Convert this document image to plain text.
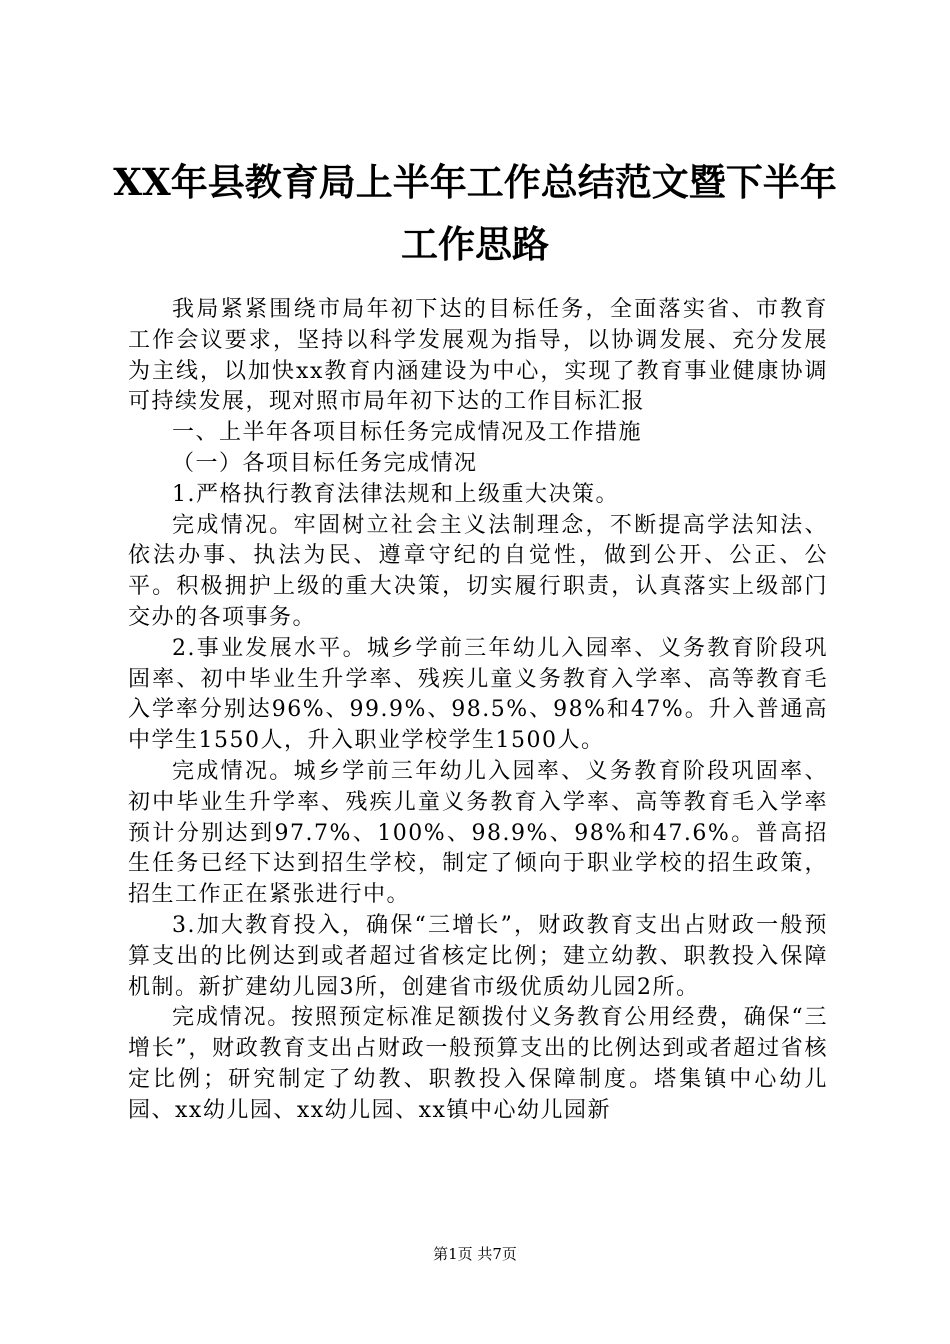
XX年县教育局上半年工作总结范文暨下半年
工作思路

我局紧紧围绕市局年初下达的目标任务，全面落实省、市教育工作会议要求，坚持以科学发展观为指导，以协调发展、充分发展为主线，以加快xx教育内涵建设为中心，实现了教育事业健康协调可持续发展，现对照市局年初下达的工作目标汇报

一、上半年各项目标任务完成情况及工作措施

（一）各项目标任务完成情况

1.严格执行教育法律法规和上级重大决策。

完成情况。牢固树立社会主义法制理念，不断提高学法知法、依法办事、执法为民、遵章守纪的自觉性，做到公开、公正、公平。积极拥护上级的重大决策，切实履行职责，认真落实上级部门交办的各项事务。

2.事业发展水平。城乡学前三年幼儿入园率、义务教育阶段巩固率、初中毕业生升学率、残疾儿童义务教育入学率、高等教育毛入学率分别达96%、99.9%、98.5%、98%和47%。升入普通高中学生1550人，升入职业学校学生1500人。

完成情况。城乡学前三年幼儿入园率、义务教育阶段巩固率、初中毕业生升学率、残疾儿童义务教育入学率、高等教育毛入学率预计分别达到97.7%、100%、98.9%、98%和47.6%。普高招生任务已经下达到招生学校，制定了倾向于职业学校的招生政策，招生工作正在紧张进行中。

3.加大教育投入，确保“三增长”，财政教育支出占财政一般预算支出的比例达到或者超过省核定比例；建立幼教、职教投入保障机制。新扩建幼儿园3所，创建省市级优质幼儿园2所。

完成情况。按照预定标准足额拨付义务教育公用经费，确保“三增长”，财政教育支出占财政一般预算支出的比例达到或者超过省核定比例；研究制定了幼教、职教投入保障制度。塔集镇中心幼儿园、xx幼儿园、xx幼儿园、xx镇中心幼儿园新

第1页 共7页
